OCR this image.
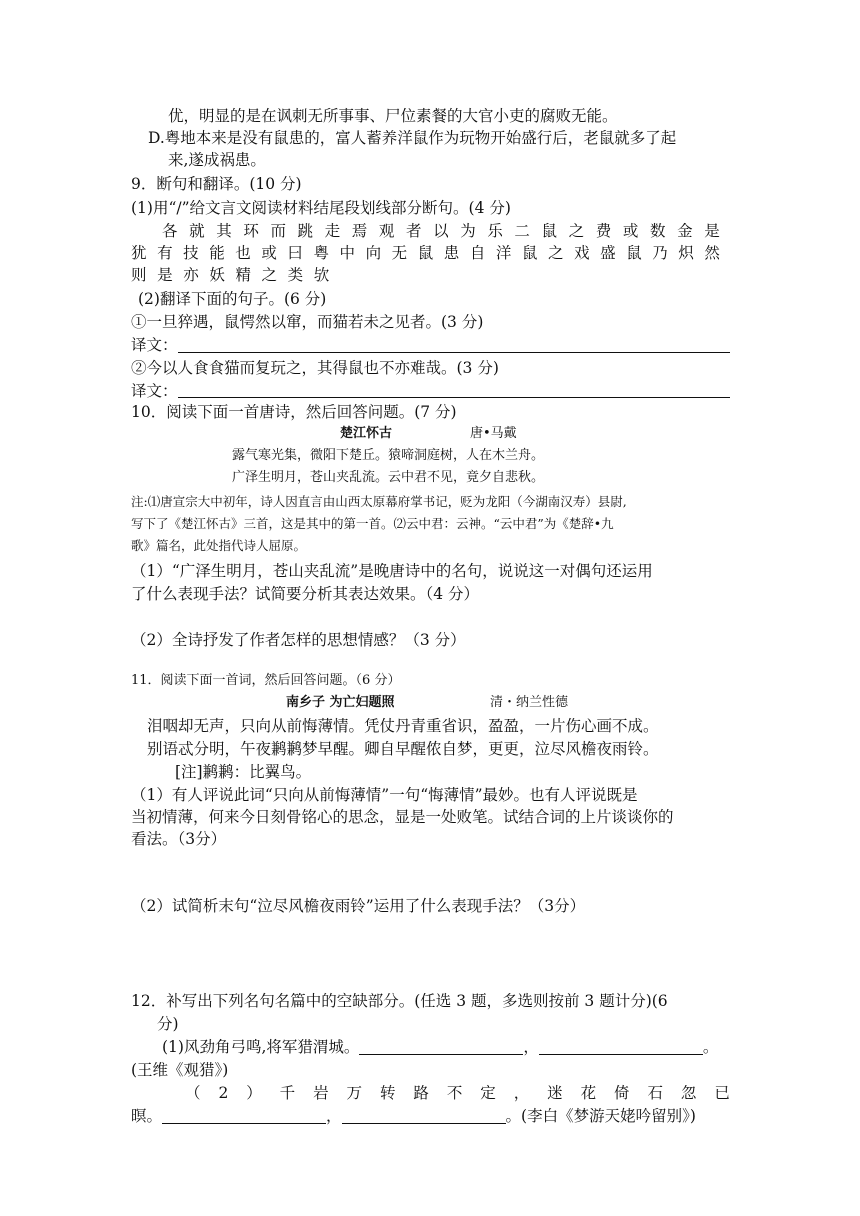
优，明显的是在讽刺无所事事、尸位素餐的大官小吏的腐败无能。
D.粤地本来是没有鼠患的，富人蓄养洋鼠作为玩物开始盛行后，老鼠就多了起
来,遂成祸患。
9．断句和翻译。(10 分)
(1)用“/”给文言文阅读材料结尾段划线部分断句。(4 分)
各 就 其 环 而 跳 走 焉 观 者 以 为 乐 二 鼠 之 费 或 数 金 是
犹 有 技 能 也 或 曰 粤 中 向 无 鼠 患 自 洋 鼠 之 戏 盛 鼠 乃 炽 然
则 是 亦 妖 精 之 类 欤
(2)翻译下面的句子。(6 分)
①一旦猝遇，鼠愕然以窜，而猫若未之见者。(3 分)
译文：
②今以人食食猫而复玩之，其得鼠也不亦难哉。(3 分)
译文：
10．阅读下面一首唐诗，然后回答问题。(7 分)
楚江怀古	唐•马戴
露气寒光集，微阳下楚丘。猿啼洞庭树，人在木兰舟。
广泽生明月，苍山夹乱流。云中君不见，竟夕自悲秋。
注:⑴唐宣宗大中初年，诗人因直言由山西太原幕府掌书记，贬为龙阳（今湖南汉寿）县尉,
写下了《楚江怀古》三首，这是其中的第一首。⑵云中君：云神。“云中君”为《楚辞•九
歌》篇名，此处指代诗人屈原。
（1）“广泽生明月，苍山夹乱流”是晚唐诗中的名句，说说这一对偶句还运用
了什么表现手法？试简要分析其表达效果。（4 分）
（2）全诗抒发了作者怎样的思想情感？（3 分）
11．阅读下面一首词，然后回答问题。（6 分）
南乡子 为亡妇题照	清・纳兰性德
泪咽却无声，只向从前悔薄情。凭仗丹青重省识，盈盈，一片伤心画不成。
别语忒分明，午夜鹣鹣梦早醒。卿自早醒侬自梦，更更，泣尽风檐夜雨铃。
[注]鹣鹣：比翼鸟。
（1）有人评说此词“只向从前悔薄情”一句“悔薄情”最妙。也有人评说既是
当初情薄，何来今日刻骨铭心的思念，显是一处败笔。试结合词的上片谈谈你的
看法。（3分）
（2）试简析末句“泣尽风檐夜雨铃”运用了什么表现手法？（3分）
12．补写出下列名句名篇中的空缺部分。(任选 3 题，多选则按前 3 题计分)(6
分)
(1)风劲角弓鸣,将军猎渭城。	，	。
(王维《观猎》)
（ 2 ） 千 岩 万 转 路 不 定 ， 迷 花 倚 石 忽 已
暝。	，	。(李白《梦游天姥吟留别》)
